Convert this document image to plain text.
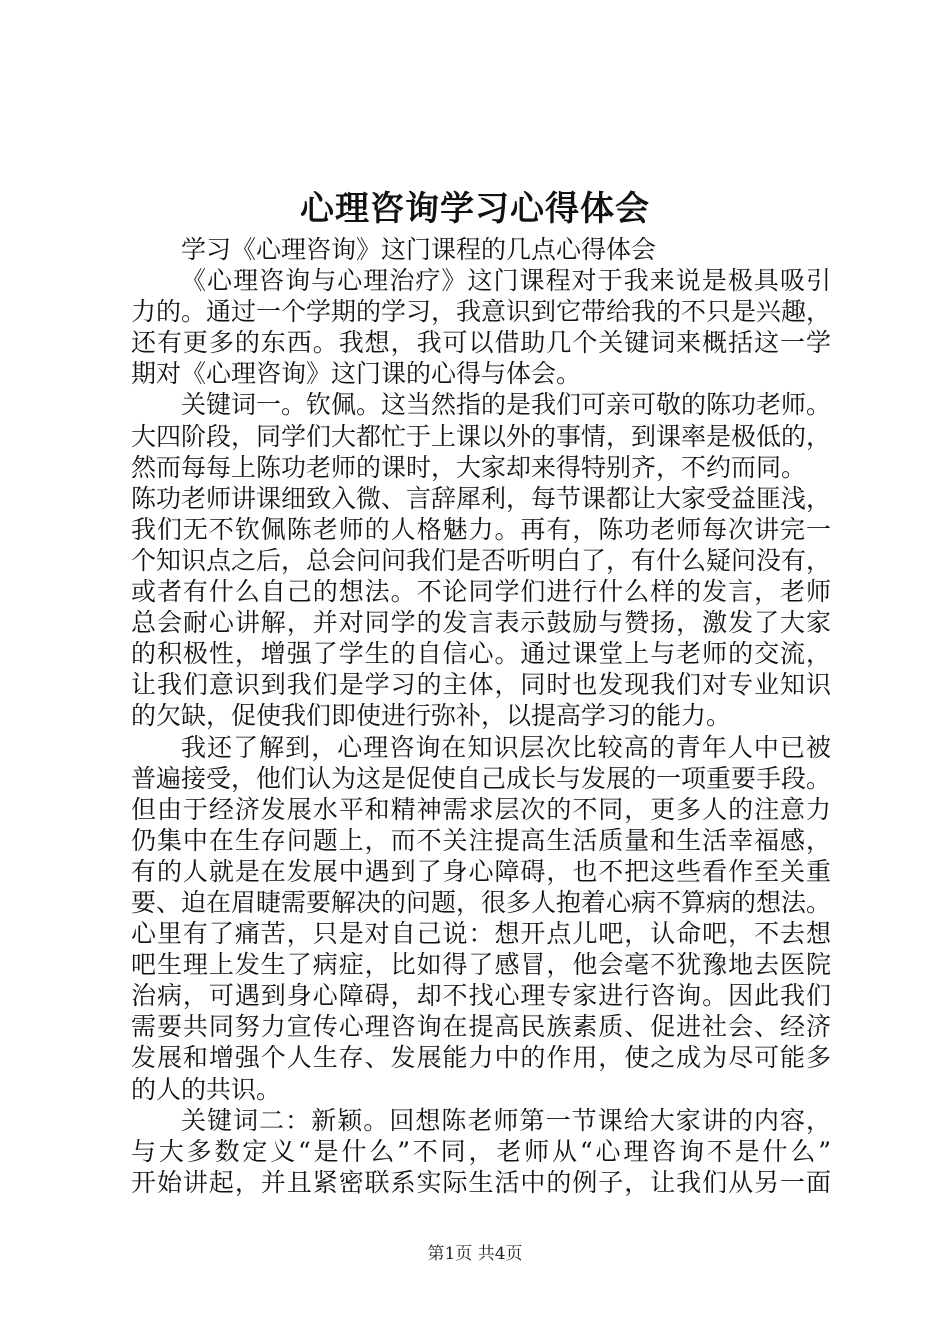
心理咨询学习心得体会
学习《心理咨询》这门课程的几点心得体会
《心理咨询与心理治疗》这门课程对于我来说是极具吸引
力的。通过一个学期的学习，我意识到它带给我的不只是兴趣，
还有更多的东西。我想，我可以借助几个关键词来概括这一学
期对《心理咨询》这门课的心得与体会。
关键词一。钦佩。这当然指的是我们可亲可敬的陈功老师。
大四阶段，同学们大都忙于上课以外的事情，到课率是极低的，
然而每每上陈功老师的课时，大家却来得特别齐，不约而同。
陈功老师讲课细致入微、言辞犀利，每节课都让大家受益匪浅，
我们无不钦佩陈老师的人格魅力。再有，陈功老师每次讲完一
个知识点之后，总会问问我们是否听明白了，有什么疑问没有，
或者有什么自己的想法。不论同学们进行什么样的发言，老师
总会耐心讲解，并对同学的发言表示鼓励与赞扬，激发了大家
的积极性，增强了学生的自信心。通过课堂上与老师的交流，
让我们意识到我们是学习的主体，同时也发现我们对专业知识
的欠缺，促使我们即使进行弥补，以提高学习的能力。
我还了解到，心理咨询在知识层次比较高的青年人中已被
普遍接受，他们认为这是促使自己成长与发展的一项重要手段。
但由于经济发展水平和精神需求层次的不同，更多人的注意力
仍集中在生存问题上，而不关注提高生活质量和生活幸福感，
有的人就是在发展中遇到了身心障碍，也不把这些看作至关重
要、迫在眉睫需要解决的问题，很多人抱着心病不算病的想法。
心里有了痛苦，只是对自己说：想开点儿吧，认命吧，不去想
吧生理上发生了病症，比如得了感冒，他会毫不犹豫地去医院
治病，可遇到身心障碍，却不找心理专家进行咨询。因此我们
需要共同努力宣传心理咨询在提高民族素质、促进社会、经济
发展和增强个人生存、发展能力中的作用，使之成为尽可能多
的人的共识。
关键词二：新颖。回想陈老师第一节课给大家讲的内容，
与大多数定义“是什么”不同，老师从“心理咨询不是什么”
开始讲起，并且紧密联系实际生活中的例子，让我们从另一面
第1页 共4页
